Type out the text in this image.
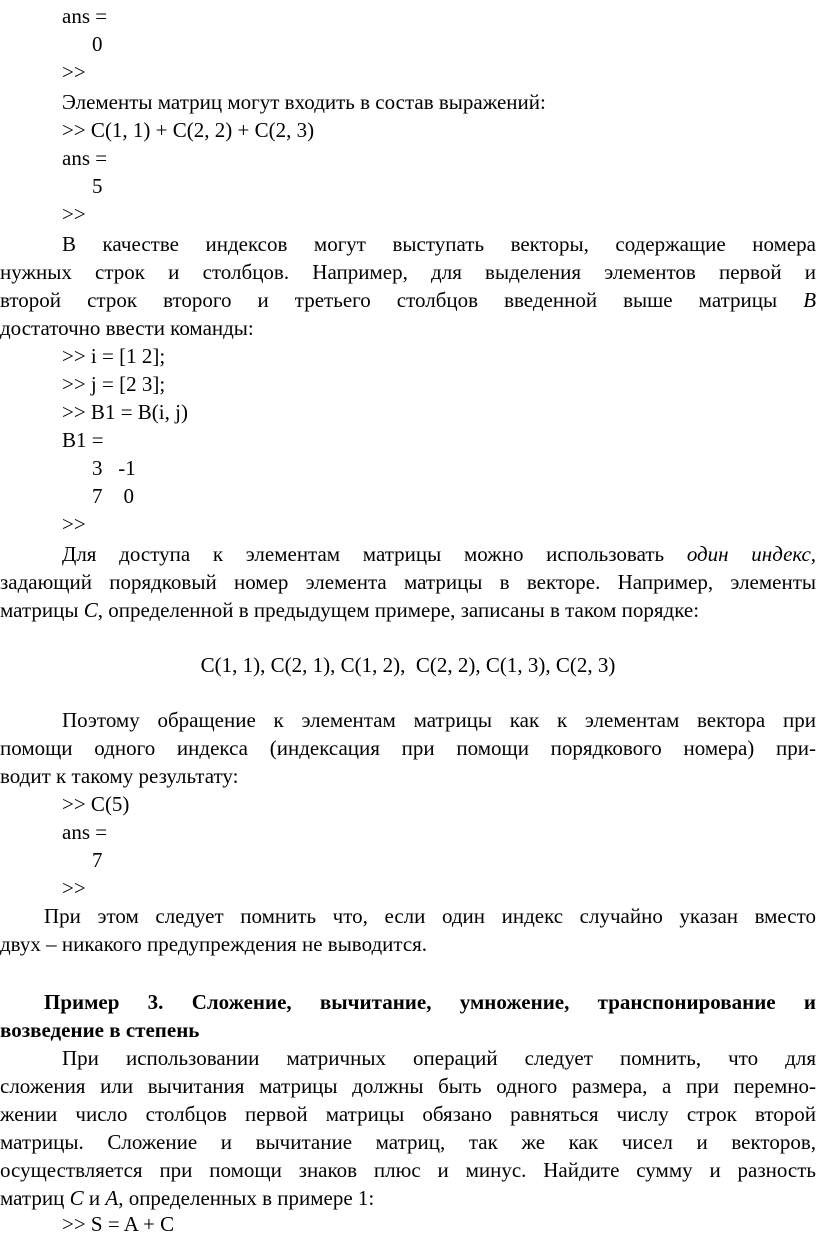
ans =
0
>>
Элементы матриц могут входить в состав выражений:
>> C(1, 1) + C(2, 2) + C(2, 3)
ans =
5
>>
В качестве индексов могут выступать векторы, содержащие номера
нужных строк и столбцов. Например, для выделения элементов первой и
второй строк второго и третьего столбцов введенной выше матрицы B
достаточно ввести команды:
>> i = [1 2];
>> j = [2 3];
>> B1 = B(i, j)
B1 =
3   -1
7    0
>>
Для доступа к элементам матрицы можно использовать один индекс,
задающий порядковый номер элемента матрицы в векторе. Например, элементы
матрицы C, определенной в предыдущем примере, записаны в таком порядке:
C(1, 1), C(2, 1), C(1, 2),  C(2, 2), C(1, 3), C(2, 3)
Поэтому обращение к элементам матрицы как к элементам вектора при
помощи одного индекса (индексация при помощи порядкового номера) при-
водит к такому результату:
>> C(5)
ans =
7
>>
При этом следует помнить что, если один индекс случайно указан вместо
двух – никакого предупреждения не выводится.
Пример 3. Сложение, вычитание, умножение, транспонирование и
возведение в степень
При использовании матричных операций следует помнить, что для
сложения или вычитания матрицы должны быть одного размера, а при перемно-
жении число столбцов первой матрицы обязано равняться числу строк второй
матрицы. Сложение и вычитание матриц, так же как чисел и векторов,
осуществляется при помощи знаков плюс и минус. Найдите сумму и разность
матриц C и A, определенных в примере 1:
>> S = A + C
